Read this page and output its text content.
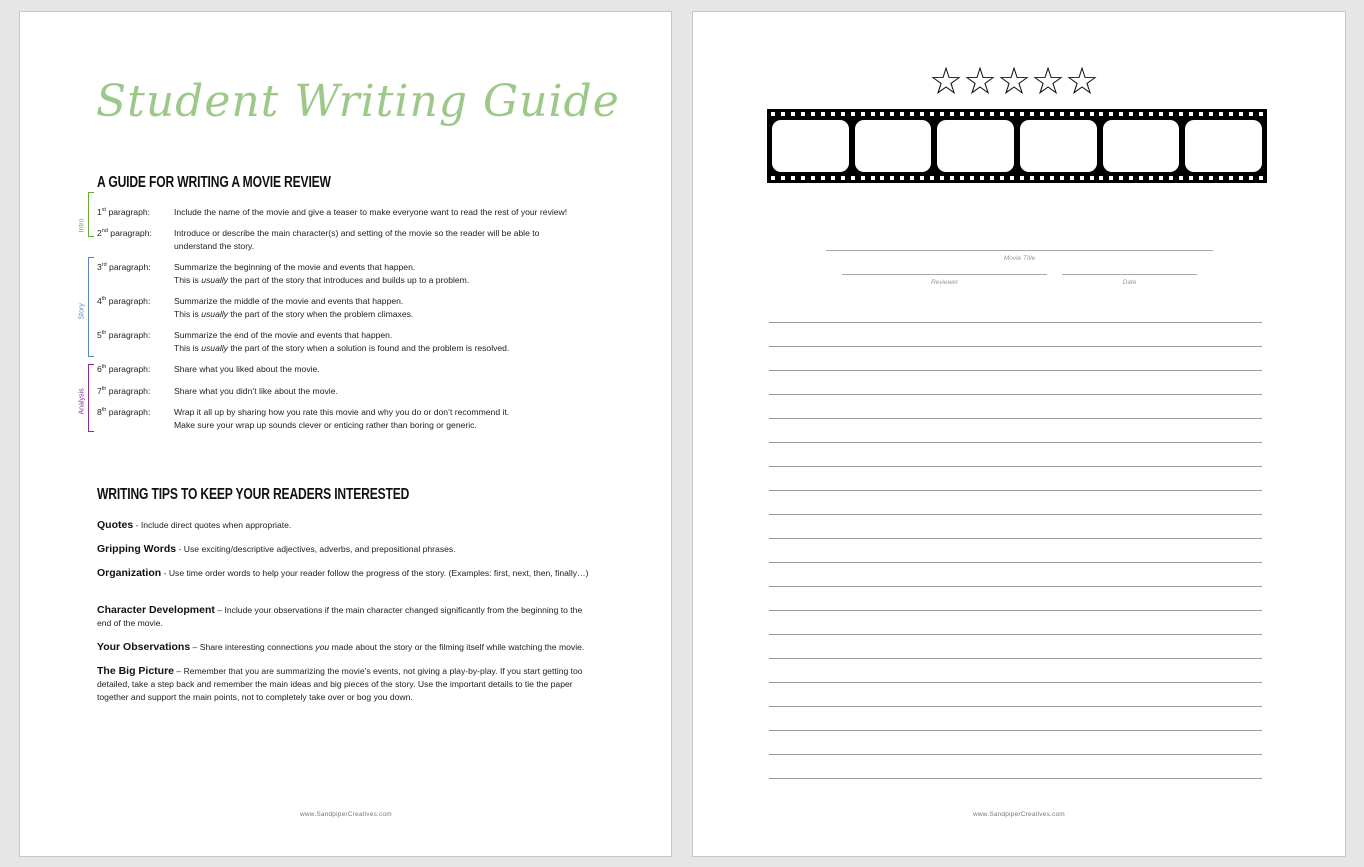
Student Writing Guide
A GUIDE FOR WRITING A MOVIE REVIEW
Intro
Story
Analysis
1st paragraph:	Include the name of the movie and give a teaser to make everyone want to read the rest of your review!
2nd paragraph:	Introduce or describe the main character(s) and setting of the movie so the reader will be able to understand the story.
3rd paragraph:	Summarize the beginning of the movie and events that happen.
This is usually the part of the story that introduces and builds up to a problem.
4th paragraph:	Summarize the middle of the movie and events that happen.
This is usually the part of the story when the problem climaxes.
5th paragraph:	Summarize the end of the movie and events that happen.
This is usually the part of the story when a solution is found and the problem is resolved.
6th paragraph:	Share what you liked about the movie.
7th paragraph:	Share what you didn’t like about the movie.
8th paragraph:	Wrap it all up by sharing how you rate this movie and why you do or don’t recommend it.
Make sure your wrap up sounds clever or enticing rather than boring or generic.
WRITING TIPS TO KEEP YOUR READERS INTERESTED
Quotes - Include direct quotes when appropriate.
Gripping Words - Use exciting/descriptive adjectives, adverbs, and prepositional phrases.
Organization - Use time order words to help your reader follow the progress of the story. (Examples: first, next, then, finally…)
Character Development – Include your observations if the main character changed significantly from the beginning to the end of the movie.
Your Observations – Share interesting connections you made about the story or the filming itself while watching the movie.
The Big Picture – Remember that you are summarizing the movie’s events, not giving a play-by-play. If you start getting too detailed, take a step back and remember the main ideas and big pieces of the story. Use the important details to tie the paper together and support the main points, not to completely take over or bog you down.
www.SandpiperCreatives.com
☆ ☆ ☆ ☆ ☆
Movie Title
Reviewer	Date
www.SandpiperCreatives.com
